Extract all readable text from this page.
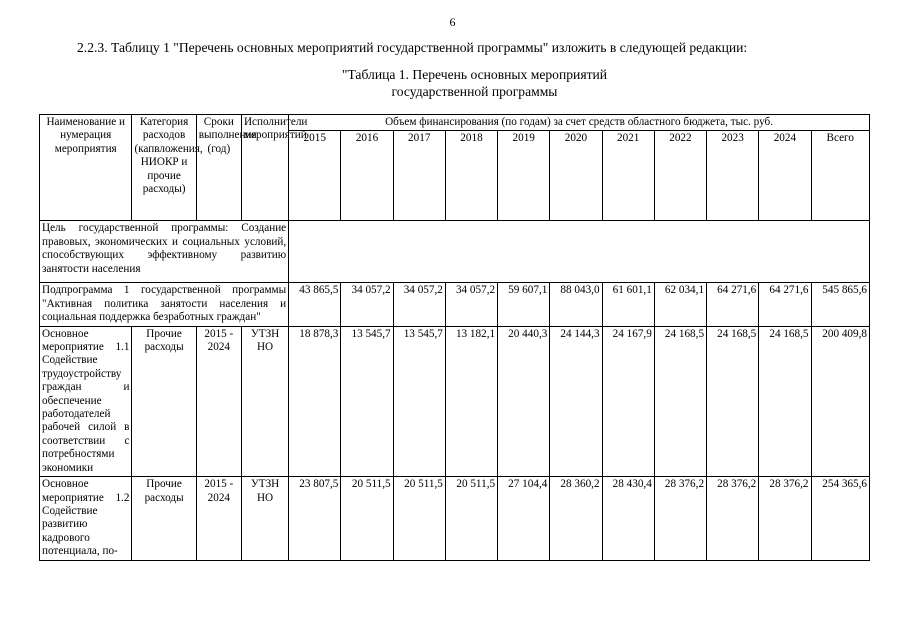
6
2.2.3. Таблицу 1 "Перечень основных мероприятий государственной программы" изложить в следующей редакции:
"Таблица 1. Перечень основных мероприятий
государственной программы
Наименование и нумерация мероприятия	Категория расходов (капвложения, НИОКР и прочие расходы)	Сроки выполнения (год)	Исполнители мероприятий	Объем финансирования (по годам) за счет средств областного бюджета, тыс. руб.										
				2015	2016	2017	2018	2019	2020	2021	2022	2023	2024	Всего
Цель государственной программы: Создание правовых, экономических и социальных условий, способствующих эффективному развитию занятости населения														
Подпрограмма 1 государственной программы "Активная политика занятости населения и социальная поддержка безработных граждан"				43 865,5	34 057,2	34 057,2	34 057,2	59 607,1	88 043,0	61 601,1	62 034,1	64 271,6	64 271,6	545 865,6
Основное мероприятие 1.1 Содействие трудоустройству граждан и обеспечение работодателей рабочей силой в соответствии с потребностями экономики	Прочие расходы	2015 - 2024	УТЗН НО	18 878,3	13 545,7	13 545,7	13 182,1	20 440,3	24 144,3	24 167,9	24 168,5	24 168,5	24 168,5	200 409,8
Основное мероприятие 1.2 Содействие развитию кадрового потенциала, по-	Прочие расходы	2015 - 2024	УТЗН НО	23 807,5	20 511,5	20 511,5	20 511,5	27 104,4	28 360,2	28 430,4	28 376,2	28 376,2	28 376,2	254 365,6
